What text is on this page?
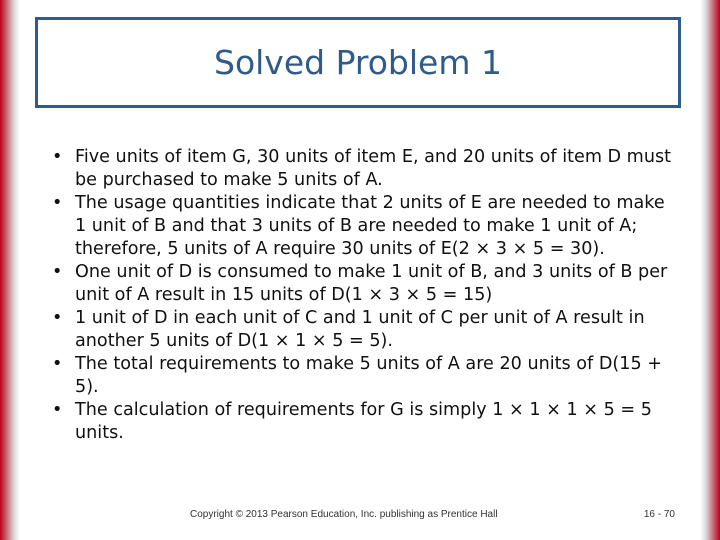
Solved Problem 1
• Five units of item G, 30 units of item E, and 20 units of item D must be purchased to make 5 units of A.
• The usage quantities indicate that 2 units of E are needed to make 1 unit of B and that 3 units of B are needed to make 1 unit of A; therefore, 5 units of A require 30 units of E(2 × 3 × 5 = 30).
• One unit of D is consumed to make 1 unit of B, and 3 units of B per unit of A result in 15 units of D(1 × 3 × 5 = 15)
• 1 unit of D in each unit of C and 1 unit of C per unit of A result in another 5 units of D(1 × 1 × 5 = 5).
• The total requirements to make 5 units of A are 20 units of D(15 + 5).
• The calculation of requirements for G is simply 1 × 1 × 1 × 5 = 5 units.
Copyright © 2013 Pearson Education, Inc. publishing as Prentice Hall	16 - 70
